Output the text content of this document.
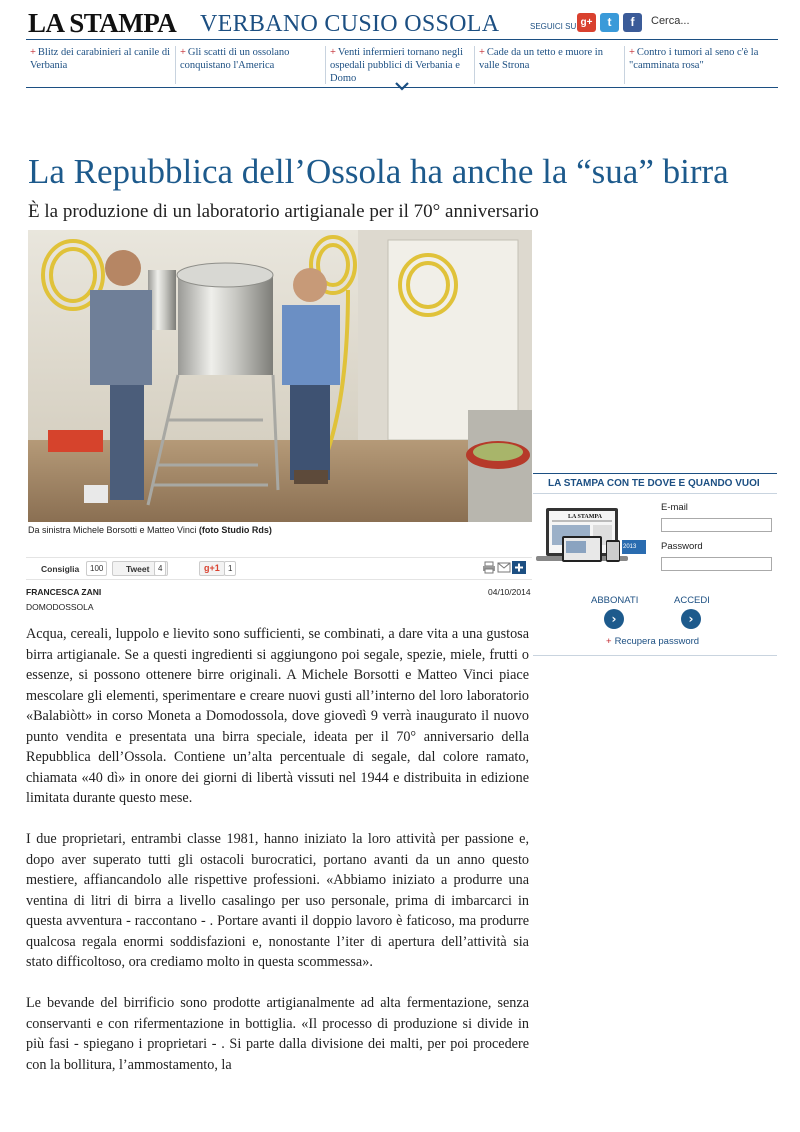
LA STAMPA VERBANO CUSIO OSSOLA	SEGUICI SU g+	t	f	Cerca...
+ Blitz dei carabinieri al canile di Verbania
+ Gli scatti di un ossolano conquistano l'America
+ Venti infermieri tornano negli ospedali pubblici di Verbania e Domo
+ Cade da un tetto e muore in valle Strona
+ Contro i tumori al seno c'è la "camminata rosa"
La Repubblica dell’Ossola ha anche la “sua” birra
È la produzione di un laboratorio artigianale per il 70° anniversario
Da sinistra Michele Borsotti e Matteo Vinci (foto Studio Rds)
Consiglia	100	Tweet	4	g+1	1
FRANCESCA ZANI	04/10/2014
DOMODOSSOLA

Acqua, cereali, luppolo e lievito sono sufficienti, se combinati, a dare vita a una gustosa birra artigianale. Se a questi ingredienti si aggiungono poi segale, spezie, miele, frutti o essenze, si possono ottenere birre originali. A Michele Borsotti e Matteo Vinci piace mescolare gli elementi, sperimentare e creare nuovi gusti all’interno del loro laboratorio «Balabiòtt» in corso Moneta a Domodossola, dove giovedì 9 verrà inaugurato il nuovo punto vendita e presentata una birra speciale, ideata per il 70° anniversario della Repubblica dell’Ossola. Contiene un’alta percentuale di segale, dal colore ramato, chiamata «40 dì» in onore dei giorni di libertà vissuti nel 1944 e distribuita in edizione limitata durante questo mese.

I due proprietari, entrambi classe 1981, hanno iniziato la loro attività per passione e, dopo aver superato tutti gli ostacoli burocratici, portano avanti da un anno questo mestiere, affiancandolo alle rispettive professioni. «Abbiamo iniziato a produrre una ventina di litri di birra a livello casalingo per uso personale, prima di imbarcarci in questa avventura - raccontano - . Portare avanti il doppio lavoro è faticoso, ma produrre qualcosa regala enormi soddisfazioni e, nonostante l’iter di apertura dell’attività sia stato difficoltoso, ora crediamo molto in questa scommessa».

Le bevande del birrificio sono prodotte artigianalmente ad alta fermentazione, senza conservanti e con rifermentazione in bottiglia. «Il processo di produzione si divide in più fasi - spiegano i proprietari - . Si parte dalla divisione dei malti, per poi procedere con la bollitura, l’ammostamento, la

LA STAMPA CON TE DOVE E QUANDO VUOI
LA STAMPA
2013
E-mail
Password
ABBONATI
›
ACCEDI
›
+ Recupera password
